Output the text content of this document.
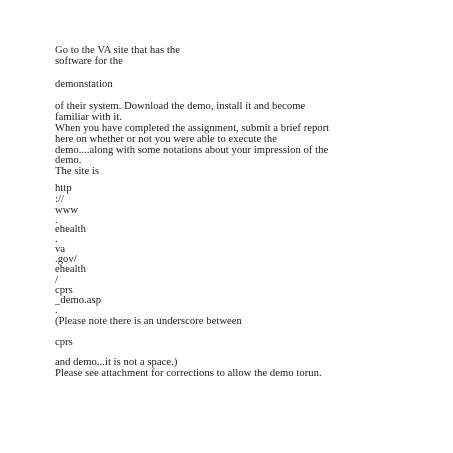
Go to the VA site that has the
software for the
demonstation
of their system. Download the demo, install it and become
familiar with it.
When you have completed the assignment, submit a brief report
here on whether or not you were able to execute the
demo....along with some notations about your impression of the
demo.
The site is
http
://
www
.
ehealth
.
va
.gov/
ehealth
/
cprs
_demo.asp
.
(Please note there is an underscore between
cprs
and demo...it is not a space.)
Please see attachment for corrections to allow the demo torun.
